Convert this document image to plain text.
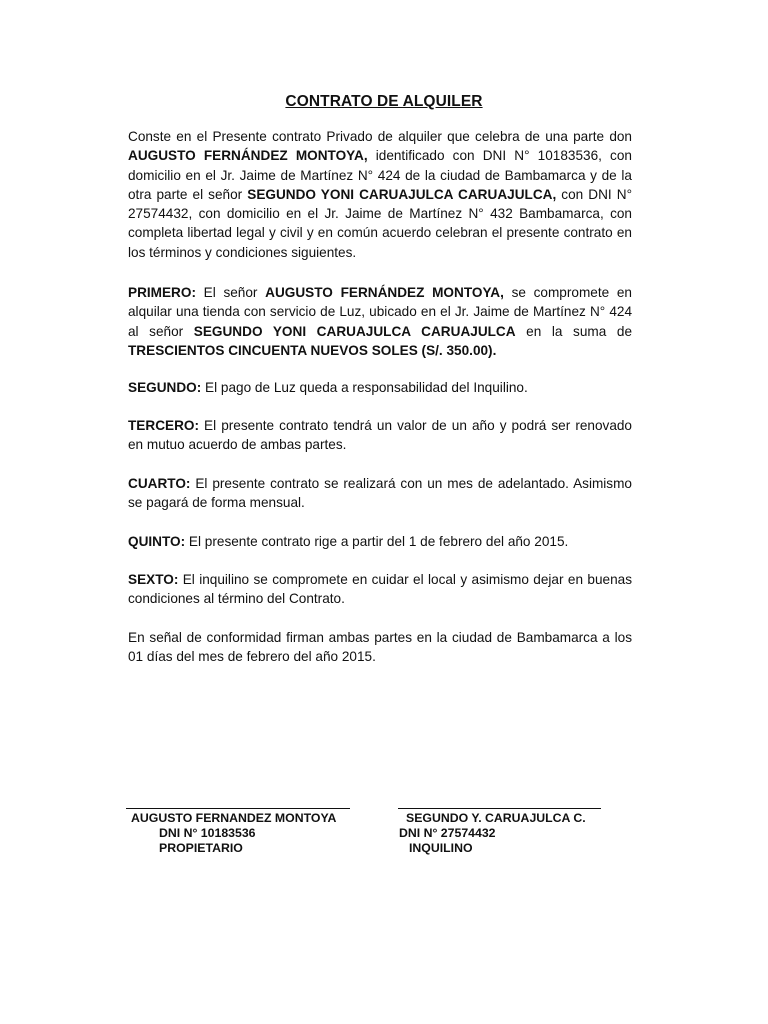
CONTRATO DE ALQUILER

Conste en el Presente contrato Privado de alquiler que celebra de una parte don AUGUSTO FERNÁNDEZ MONTOYA, identificado con DNI N° 10183536, con domicilio en el Jr. Jaime de Martínez N° 424 de la ciudad de Bambamarca y de la otra parte el señor SEGUNDO YONI CARUAJULCA CARUAJULCA, con DNI N° 27574432, con domicilio en el Jr. Jaime de Martínez N° 432 Bambamarca, con completa libertad legal y civil y en común acuerdo celebran el presente contrato en los términos y condiciones siguientes.

PRIMERO: El señor AUGUSTO FERNÁNDEZ MONTOYA, se compromete en alquilar una tienda con servicio de Luz, ubicado en el Jr. Jaime de Martínez N° 424 al señor SEGUNDO YONI CARUAJULCA CARUAJULCA en la suma de TRESCIENTOS CINCUENTA NUEVOS SOLES (S/. 350.00).

SEGUNDO: El pago de Luz queda a responsabilidad del Inquilino.

TERCERO: El presente contrato tendrá un valor de un año y podrá ser renovado en mutuo acuerdo de ambas partes.

CUARTO: El presente contrato se realizará con un mes de adelantado. Asimismo se pagará de forma mensual.

QUINTO: El presente contrato rige a partir del 1 de febrero del año 2015.

SEXTO: El inquilino se compromete en cuidar el local y asimismo dejar en buenas condiciones al término del Contrato.

En señal de conformidad firman ambas partes en la ciudad de Bambamarca a los 01 días del mes de febrero del año 2015.

AUGUSTO FERNANDEZ MONTOYA
DNI N° 10183536
PROPIETARIO
SEGUNDO Y. CARUAJULCA C.
DNI N° 27574432
INQUILINO
